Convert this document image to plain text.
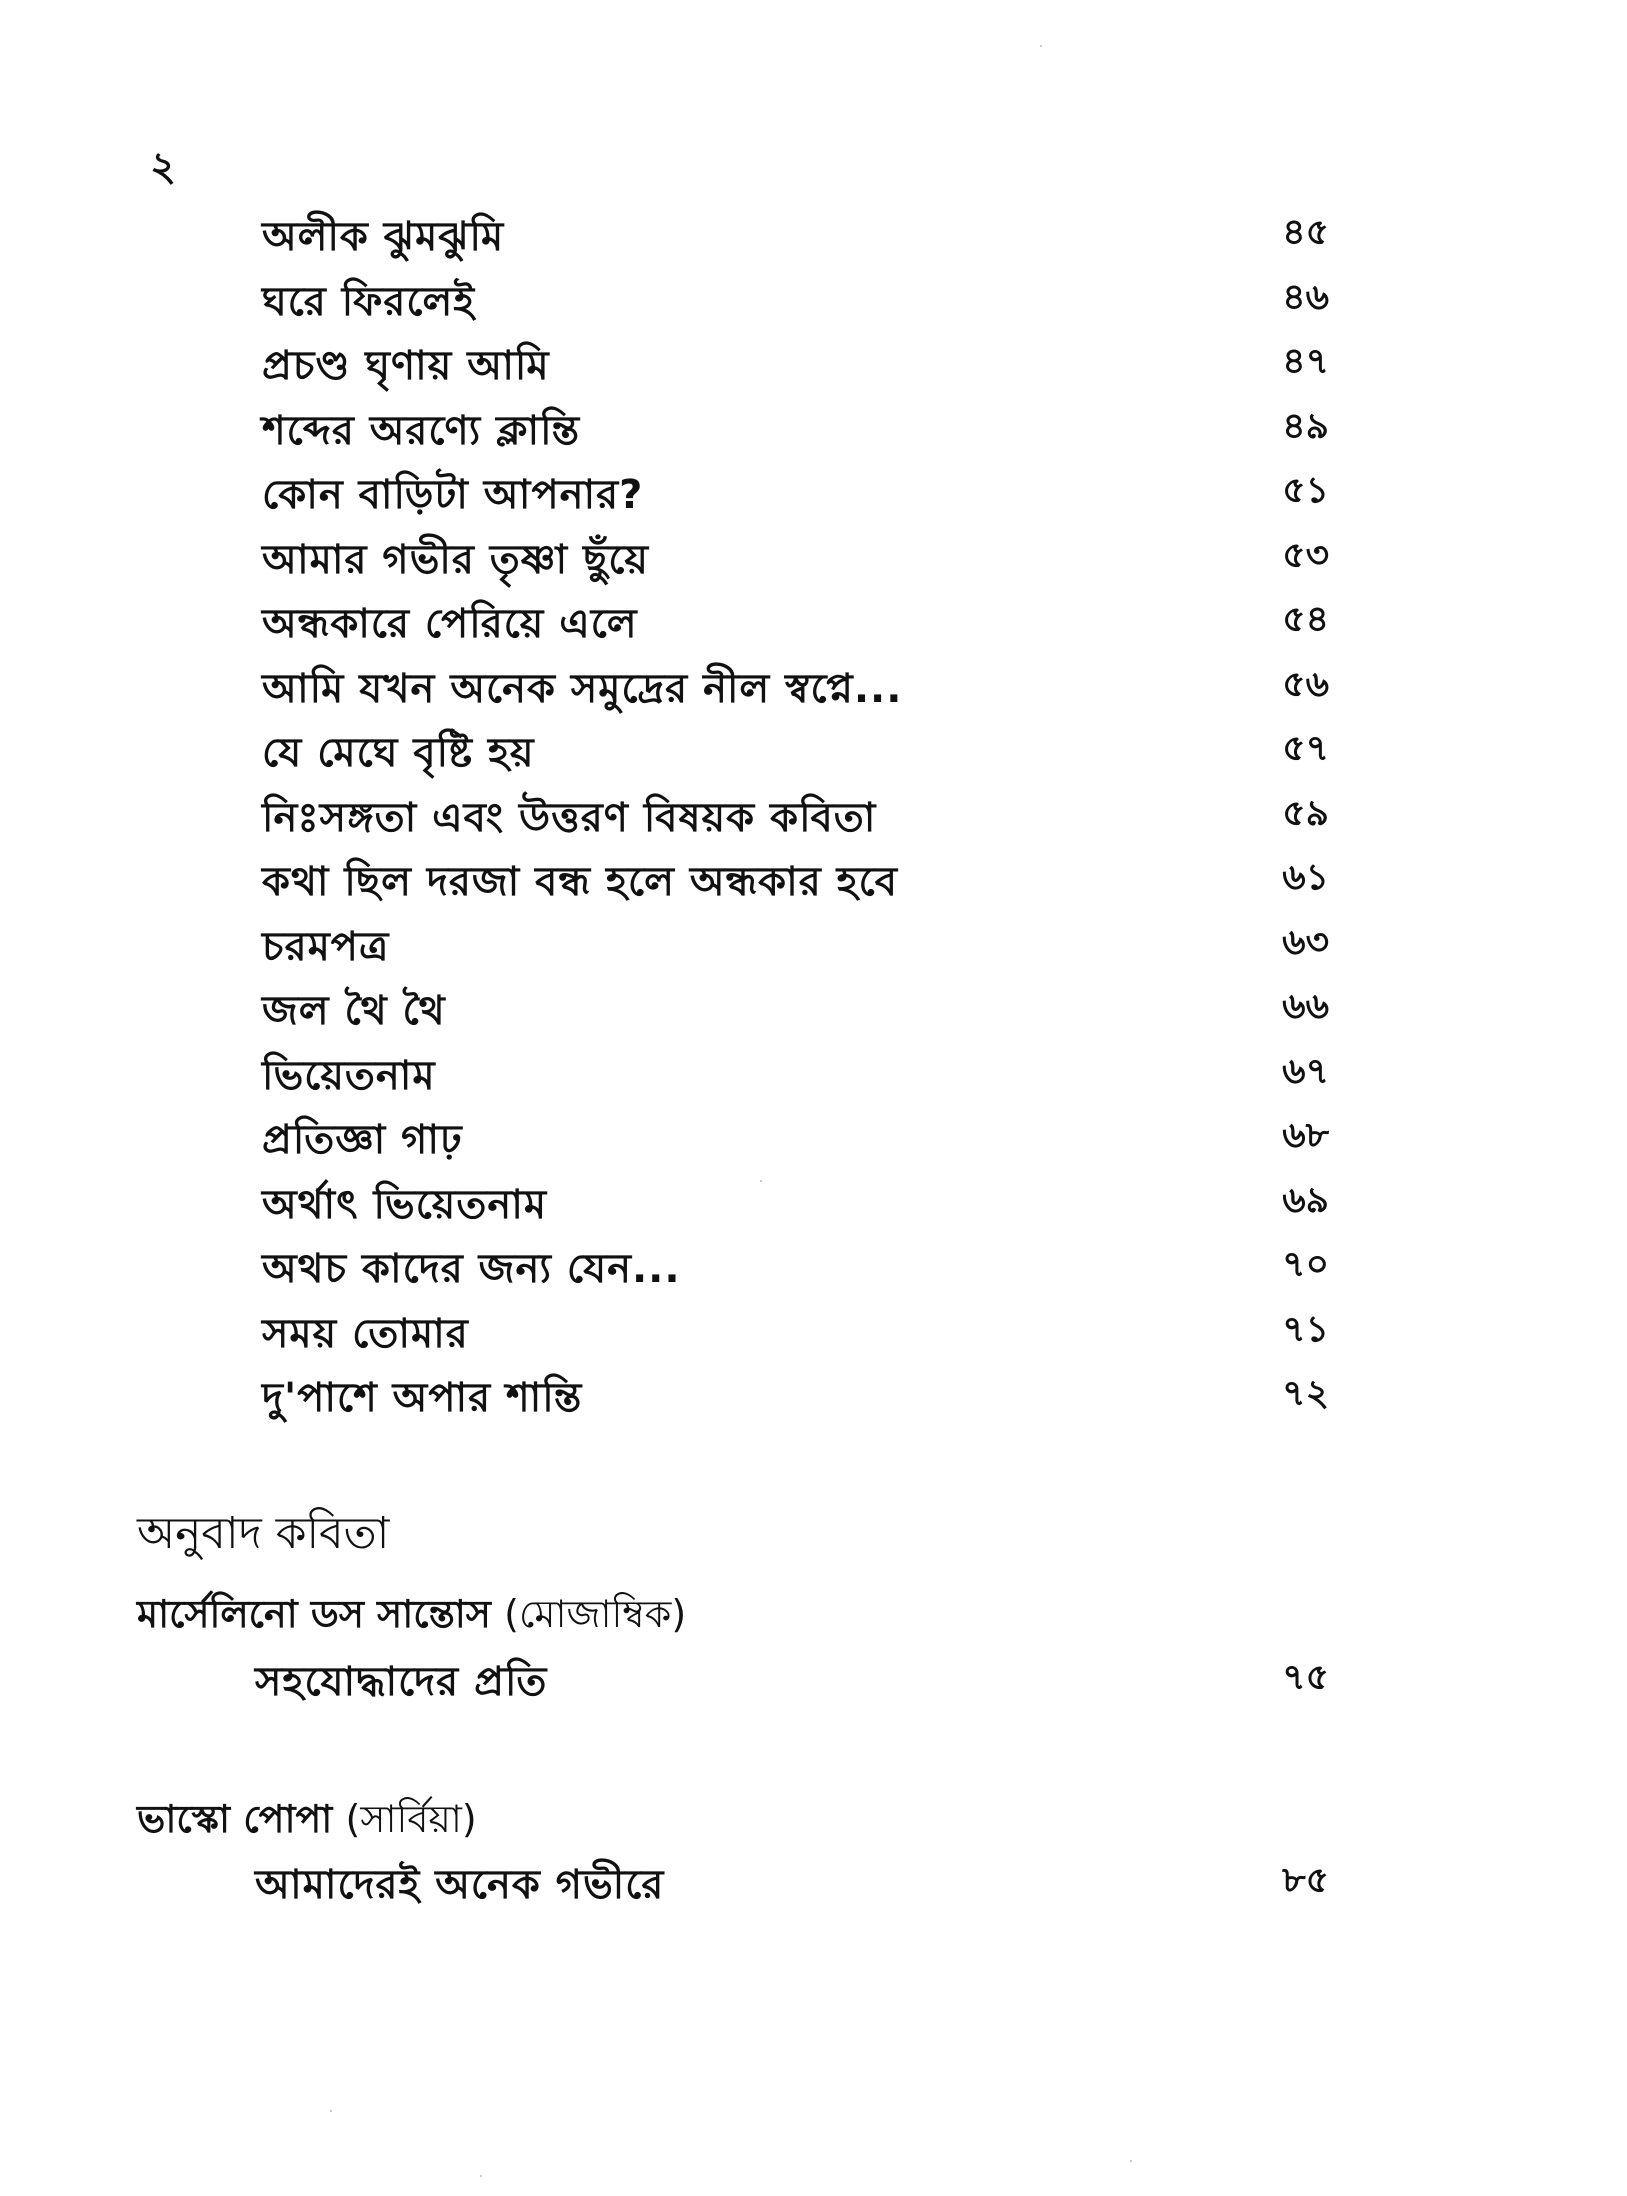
২
অলীক ঝুমঝুমি	৪৫
ঘরে ফিরলেই	৪৬
প্রচণ্ড ঘৃণায় আমি	৪৭
শব্দের অরণ্যে ক্লান্তি	৪৯
কোন বাড়িটা আপনার?	৫১
আমার গভীর তৃষ্ণা ছুঁয়ে	৫৩
অন্ধকারে পেরিয়ে এলে	৫৪
আমি যখন অনেক সমুদ্রের নীল স্বপ্নে...	৫৬
যে মেঘে বৃষ্টি হয়	৫৭
নিঃসঙ্গতা এবং উত্তরণ বিষয়ক কবিতা	৫৯
কথা ছিল দরজা বন্ধ হলে অন্ধকার হবে	৬১
চরমপত্র	৬৩
জল থৈ থৈ	৬৬
ভিয়েতনাম	৬৭
প্রতিজ্ঞা গাঢ়	৬৮
অর্থাৎ ভিয়েতনাম	৬৯
অথচ কাদের জন্য যেন...	৭০
সময় তোমার	৭১
দু'পাশে অপার শান্তি	৭২
অনুবাদ কবিতা
মার্সেলিনো ডস সান্তোস (মোজাম্বিক)
সহযোদ্ধাদের প্রতি	৭৫
ভাস্কো পোপা (সার্বিয়া)
আমাদেরই অনেক গভীরে	৮৫
